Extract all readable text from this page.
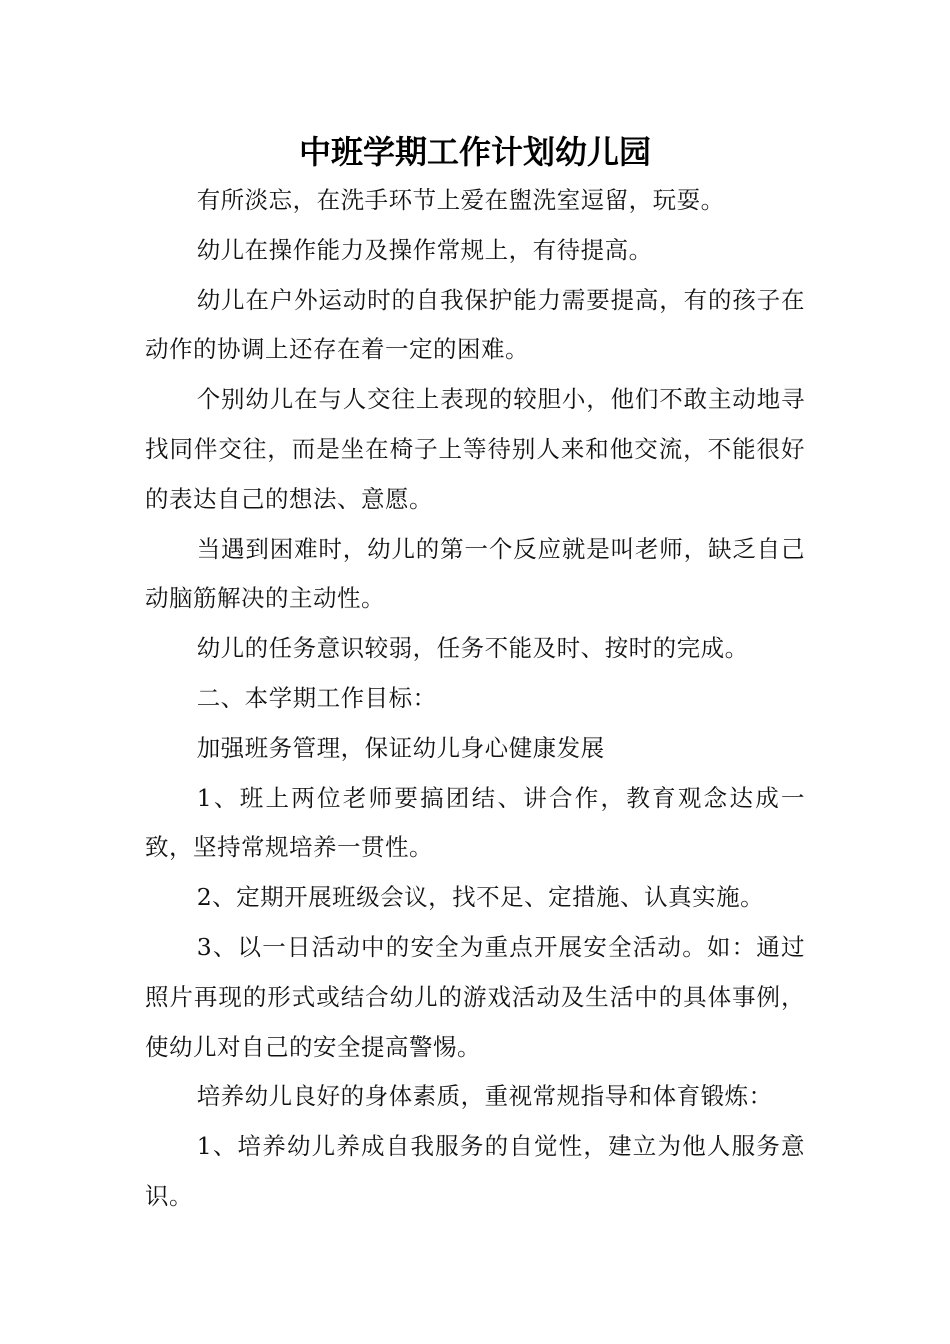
中班学期工作计划幼儿园

有所淡忘，在洗手环节上爱在盥洗室逗留，玩耍。

幼儿在操作能力及操作常规上，有待提高。

幼儿在户外运动时的自我保护能力需要提高，有的孩子在动作的协调上还存在着一定的困难。

个别幼儿在与人交往上表现的较胆小，他们不敢主动地寻找同伴交往，而是坐在椅子上等待别人来和他交流，不能很好的表达自己的想法、意愿。

当遇到困难时，幼儿的第一个反应就是叫老师，缺乏自己动脑筋解决的主动性。

幼儿的任务意识较弱，任务不能及时、按时的完成。

二、本学期工作目标：

加强班务管理，保证幼儿身心健康发展

1、班上两位老师要搞团结、讲合作，教育观念达成一致，坚持常规培养一贯性。

2、定期开展班级会议，找不足、定措施、认真实施。

3、以一日活动中的安全为重点开展安全活动。如：通过照片再现的形式或结合幼儿的游戏活动及生活中的具体事例，使幼儿对自己的安全提高警惕。

培养幼儿良好的身体素质，重视常规指导和体育锻炼：

1、培养幼儿养成自我服务的自觉性，建立为他人服务意识。
